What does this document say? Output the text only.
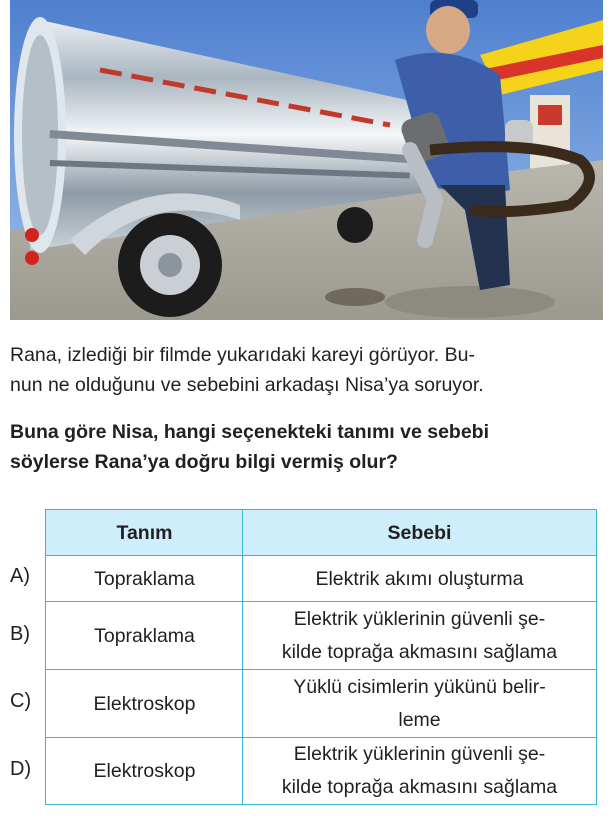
Rana, izlediği bir filmde yukarıdaki kareyi görüyor. Bu-
nun ne olduğunu ve sebebini arkadaşı Nisa’ya soruyor.

Buna göre Nisa, hangi seçenekteki tanımı ve sebebi
söylerse Rana’ya doğru bilgi vermiş olur?

A)
B)
C)
D)
Tanım	Sebebi
Topraklama	Elektrik akımı oluşturma
Topraklama
Elektrik yüklerinin güvenli şe-
kilde toprağa akmasını sağlama
Elektroskop
Yüklü cisimlerin yükünü belir-
leme
Elektroskop
Elektrik yüklerinin güvenli şe-
kilde toprağa akmasını sağlama
